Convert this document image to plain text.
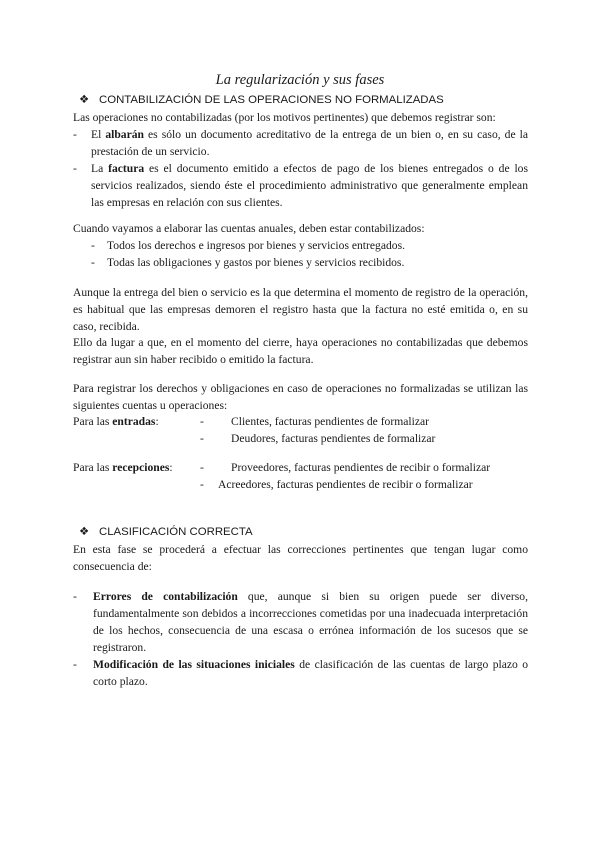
La regularización y sus fases
❖ CONTABILIZACIÓN DE LAS OPERACIONES NO FORMALIZADAS
Las operaciones no contabilizadas (por los motivos pertinentes) que debemos registrar son:
- El albarán es sólo un documento acreditativo de la entrega de un bien o, en su caso, de la prestación de un servicio.
- La factura es el documento emitido a efectos de pago de los bienes entregados o de los servicios realizados, siendo éste el procedimiento administrativo que generalmente emplean las empresas en relación con sus clientes.
Cuando vayamos a elaborar las cuentas anuales, deben estar contabilizados:
- Todos los derechos e ingresos por bienes y servicios entregados.
- Todas las obligaciones y gastos por bienes y servicios recibidos.
Aunque la entrega del bien o servicio es la que determina el momento de registro de la operación, es habitual que las empresas demoren el registro hasta que la factura no esté emitida o, en su caso, recibida.
Ello da lugar a que, en el momento del cierre, haya operaciones no contabilizadas que debemos registrar aun sin haber recibido o emitido la factura.
Para registrar los derechos y obligaciones en caso de operaciones no formalizadas se utilizan las siguientes cuentas u operaciones:
Para las entradas:	- Clientes, facturas pendientes de formalizar
- Deudores, facturas pendientes de formalizar
Para las recepciones: - Proveedores, facturas pendientes de recibir o formalizar
- Acreedores, facturas pendientes de recibir o formalizar
❖ CLASIFICACIÓN CORRECTA
En esta fase se procederá a efectuar las correcciones pertinentes que tengan lugar como consecuencia de:
- Errores de contabilización que, aunque si bien su origen puede ser diverso, fundamentalmente son debidos a incorrecciones cometidas por una inadecuada interpretación de los hechos, consecuencia de una escasa o errónea información de los sucesos que se registraron.
- Modificación de las situaciones iniciales de clasificación de las cuentas de largo plazo o corto plazo.
